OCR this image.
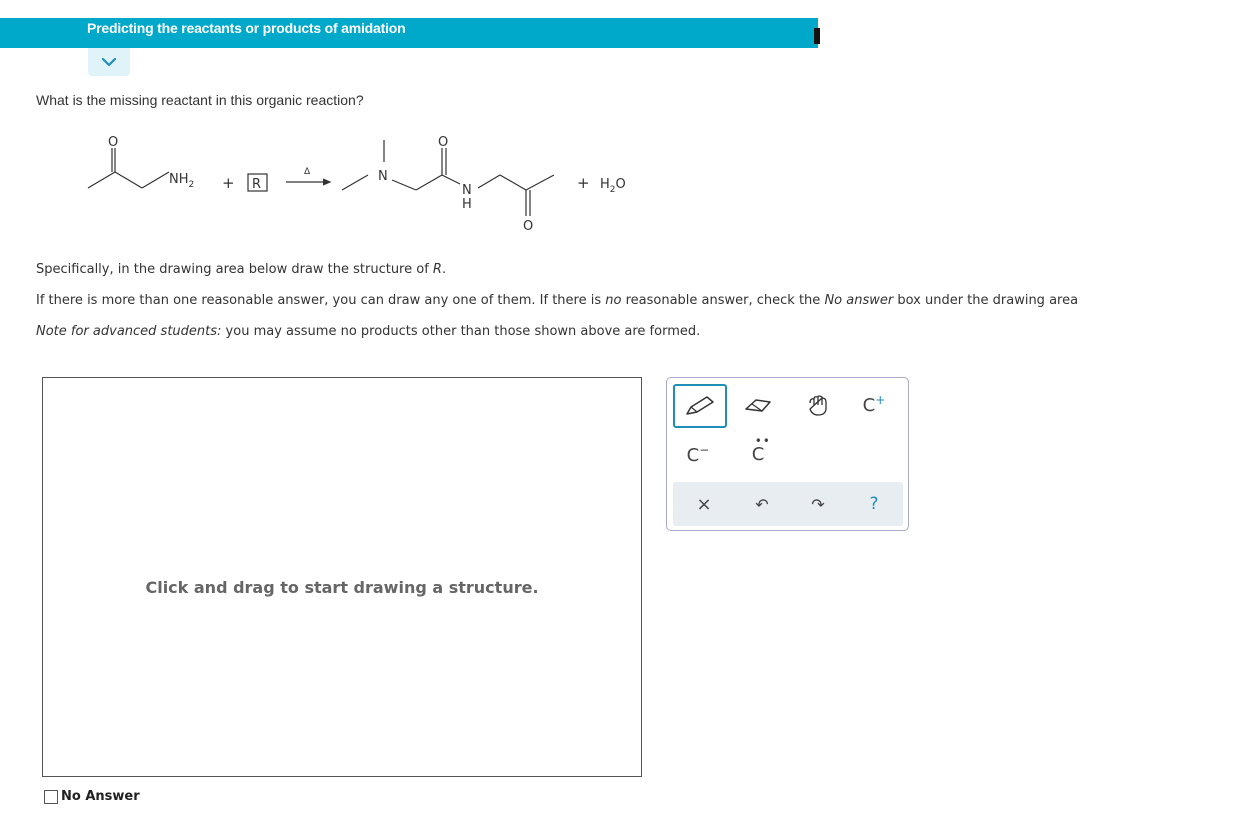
Predicting the reactants or products of amidation
What is the missing reactant in this organic reaction?
O
$NH_2 + R$
Δ	N
O
N
H
O
+ $H_2O$
Specifically, in the drawing area below draw the structure of R.
If there is more than one reasonable answer, you can draw any one of them. If there is no reasonable answer, check the No answer box under the drawing area
Note for advanced students: you may assume no products other than those shown above are formed.
Click and drag to start drawing a structure.
C+
C−
••
C
×	↶	↷	?
No Answer
